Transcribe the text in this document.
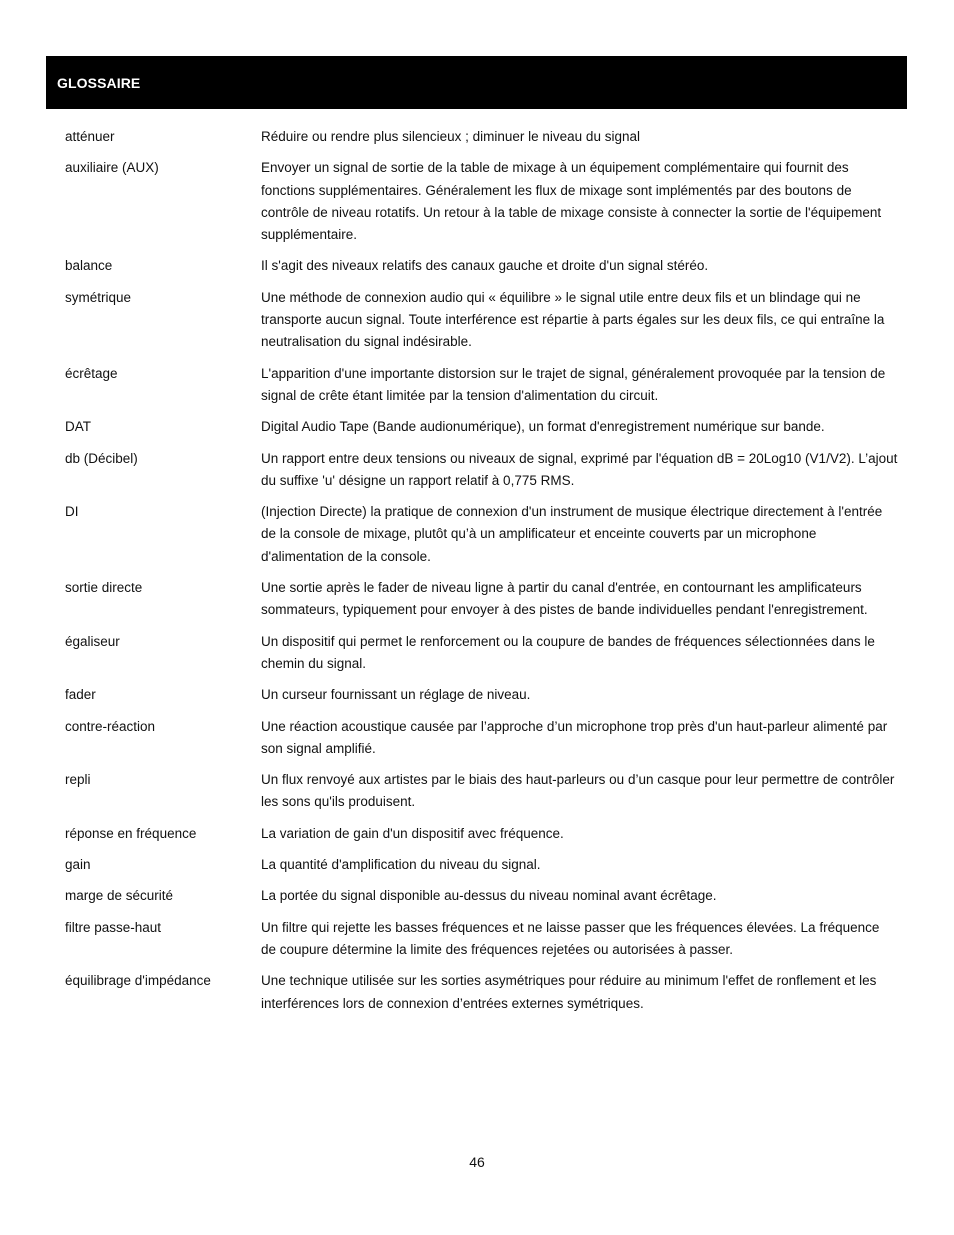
GLOSSAIRE
atténuer	Réduire ou rendre plus silencieux ; diminuer le niveau du signal
auxiliaire (AUX)	Envoyer un signal de sortie de la table de mixage à un équipement complémentaire qui fournit des fonctions supplémentaires. Généralement les flux de mixage sont implémentés par des boutons de contrôle de niveau rotatifs. Un retour à la table de mixage consiste à connecter la sortie de l'équipement supplémentaire.
balance	Il s'agit des niveaux relatifs des canaux gauche et droite d'un signal stéréo.
symétrique	Une méthode de connexion audio qui « équilibre » le signal utile entre deux fils et un blindage qui ne transporte aucun signal. Toute interférence est répartie à parts égales sur les deux fils, ce qui entraîne la neutralisation du signal indésirable.
écrêtage	L'apparition d'une importante distorsion sur le trajet de signal, généralement provoquée par la tension de signal de crête étant limitée par la tension d'alimentation du circuit.
DAT	Digital Audio Tape (Bande audionumérique), un format d'enregistrement numérique sur bande.
db (Décibel)	Un rapport entre deux tensions ou niveaux de signal, exprimé par l'équation dB = 20Log10 (V1/V2). L’ajout du suffixe 'u' désigne un rapport relatif à 0,775 RMS.
DI	(Injection Directe) la pratique de connexion d'un instrument de musique électrique directement à l'entrée de la console de mixage, plutôt qu’à un amplificateur et enceinte couverts par un microphone d'alimentation de la console.
sortie directe	Une sortie après le fader de niveau ligne à partir du canal d'entrée, en contournant les amplificateurs sommateurs, typiquement pour envoyer à des pistes de bande individuelles pendant l'enregistrement.
égaliseur	Un dispositif qui permet le renforcement ou la coupure de bandes de fréquences sélectionnées dans le chemin du signal.
fader	Un curseur fournissant un réglage de niveau.
contre-réaction	Une réaction acoustique causée par l’approche d’un microphone trop près d'un haut-parleur alimenté par son signal amplifié.
repli	Un flux renvoyé aux artistes par le biais des haut-parleurs ou d’un casque pour leur permettre de contrôler les sons qu'ils produisent.
réponse en fréquence	La variation de gain d'un dispositif avec fréquence.
gain	La quantité d'amplification du niveau du signal.
marge de sécurité	La portée du signal disponible au-dessus du niveau nominal avant écrêtage.
filtre passe-haut	Un filtre qui rejette les basses fréquences et ne laisse passer que les fréquences élevées. La fréquence de coupure détermine la limite des fréquences rejetées ou autorisées à passer.
équilibrage d'impédance	Une technique utilisée sur les sorties asymétriques pour réduire au minimum l'effet de ronflement et les interférences lors de connexion d’entrées externes symétriques.
46
